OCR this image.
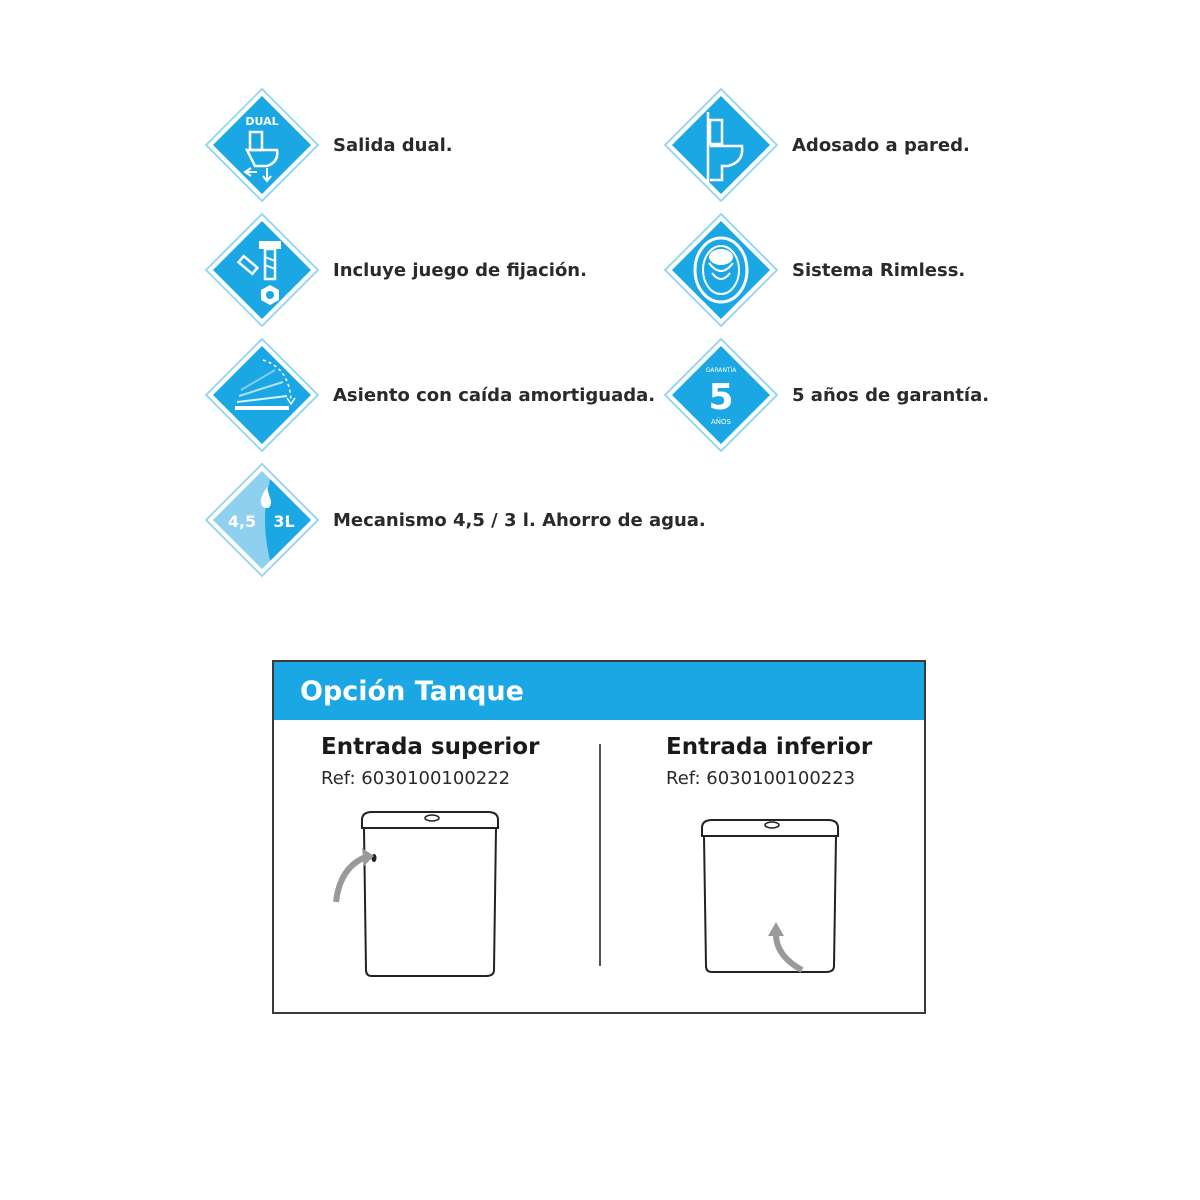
DUAL
Salida dual.	Adosado a pared.
Incluye juego de fijación.	Sistema Rimless.
Asiento con caída amortiguada.
GARANTÍA
5
AÑOS
5 años de garantía.
4,5 3L Mecanismo 4,5 / 3 l. Ahorro de agua.
Opción Tanque
Entrada superior
Ref: 6030100100222
Entrada inferior
Ref: 6030100100223
